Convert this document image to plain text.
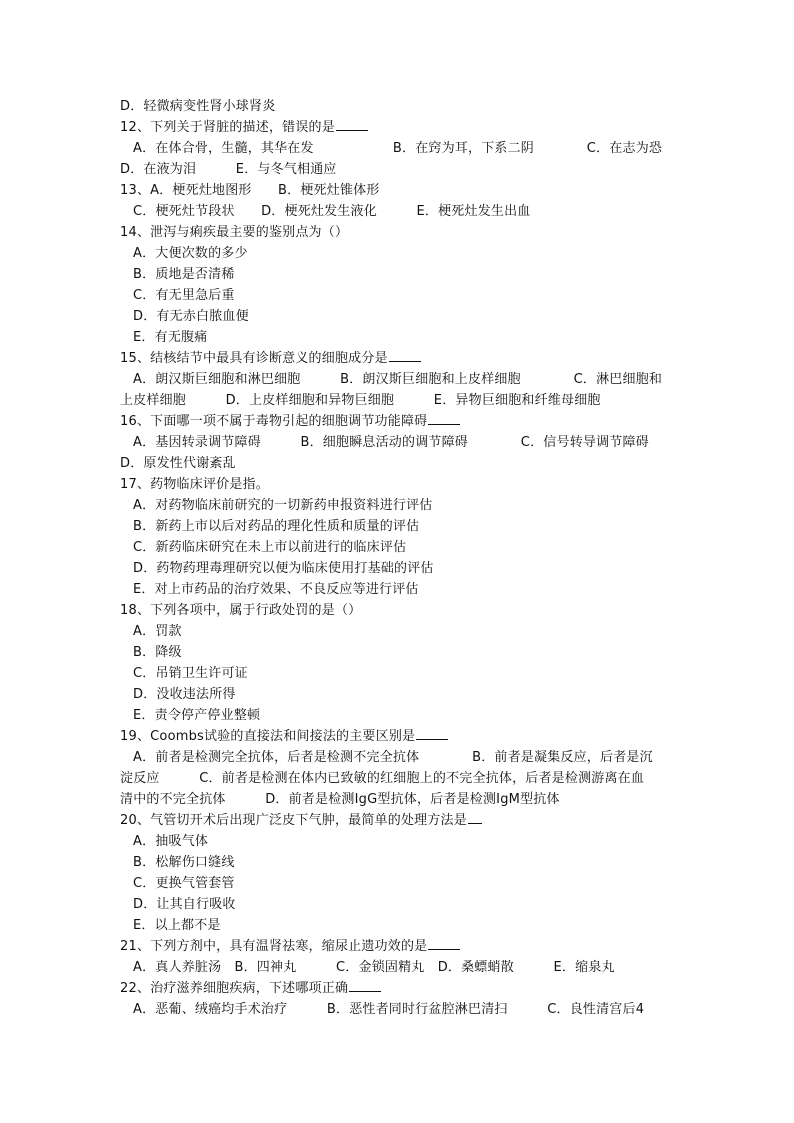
D．轻微病变性肾小球肾炎
12、下列关于肾脏的描述，错误的是
A．在体合骨，生髓，其华在发　　　　　　B．在窍为耳，下系二阴　　　　C．在志为恐
D．在液为泪　　　E．与冬气相通应
13、A．梗死灶地图形　　B．梗死灶锥体形
C．梗死灶节段状　　D．梗死灶发生液化　　　E．梗死灶发生出血
14、泄泻与痢疾最主要的鉴别点为（）
A．大便次数的多少
B．质地是否清稀
C．有无里急后重
D．有无赤白脓血便
E．有无腹痛
15、结核结节中最具有诊断意义的细胞成分是
A．朗汉斯巨细胞和淋巴细胞　　　B．朗汉斯巨细胞和上皮样细胞　　　　C．淋巴细胞和
上皮样细胞　　　D．上皮样细胞和异物巨细胞　　　E．异物巨细胞和纤维母细胞
16、下面哪一项不属于毒物引起的细胞调节功能障碍
A．基因转录调节障碍　　　B．细胞瞬息活动的调节障碍　　　　C．信号转导调节障碍
D．原发性代谢紊乱
17、药物临床评价是指。
A．对药物临床前研究的一切新药申报资料进行评估
B．新药上市以后对药品的理化性质和质量的评估
C．新药临床研究在未上市以前进行的临床评估
D．药物药理毒理研究以便为临床使用打基础的评估
E．对上市药品的治疗效果、不良反应等进行评估
18、下列各项中，属于行政处罚的是（）
A．罚款
B．降级
C．吊销卫生许可证
D．没收违法所得
E．责令停产停业整顿
19、Coombs试验的直接法和间接法的主要区别是
A．前者是检测完全抗体，后者是检测不完全抗体　　　　B．前者是凝集反应，后者是沉
淀反应　　　C．前者是检测在体内已致敏的红细胞上的不完全抗体，后者是检测游离在血
清中的不完全抗体　　　D．前者是检测IgG型抗体，后者是检测IgM型抗体
20、气管切开术后出现广泛皮下气肿，最简单的处理方法是
A．抽吸气体
B．松解伤口缝线
C．更换气管套管
D．让其自行吸收
E．以上都不是
21、下列方剂中，具有温肾祛寒，缩尿止遗功效的是
A．真人养脏汤　B．四神丸　　　C．金锁固精丸　D．桑螵蛸散　　　E．缩泉丸
22、治疗滋养细胞疾病，下述哪项正确
A．恶葡、绒癌均手术治疗　　　B．恶性者同时行盆腔淋巴清扫　　　C．良性清宫后4
